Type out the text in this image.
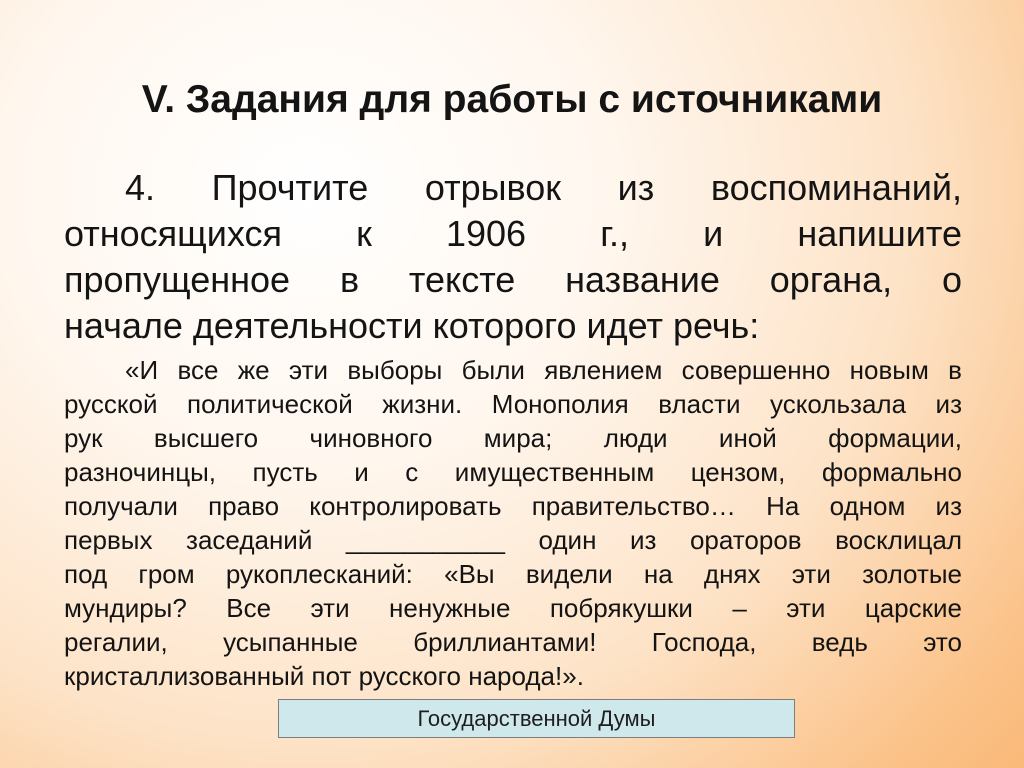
V. Задания для работы с источниками
4. Прочтите отрывок из воспоминаний,
относящихся к 1906 г., и напишите
пропущенное в тексте название органа, о
начале деятельности которого идет речь:
«И все же эти выборы были явлением совершенно новым в
русской политической жизни. Монополия власти ускользала из
рук высшего чиновного мира; люди иной формации,
разночинцы, пусть и с имущественным цензом, формально
получали право контролировать правительство… На одном из
первых заседаний ___________ один из ораторов восклицал
под гром рукоплесканий: «Вы видели на днях эти золотые
мундиры? Все эти ненужные побрякушки – эти царские
регалии, усыпанные бриллиантами! Господа, ведь это
кристаллизованный пот русского народа!».
Государственной Думы
